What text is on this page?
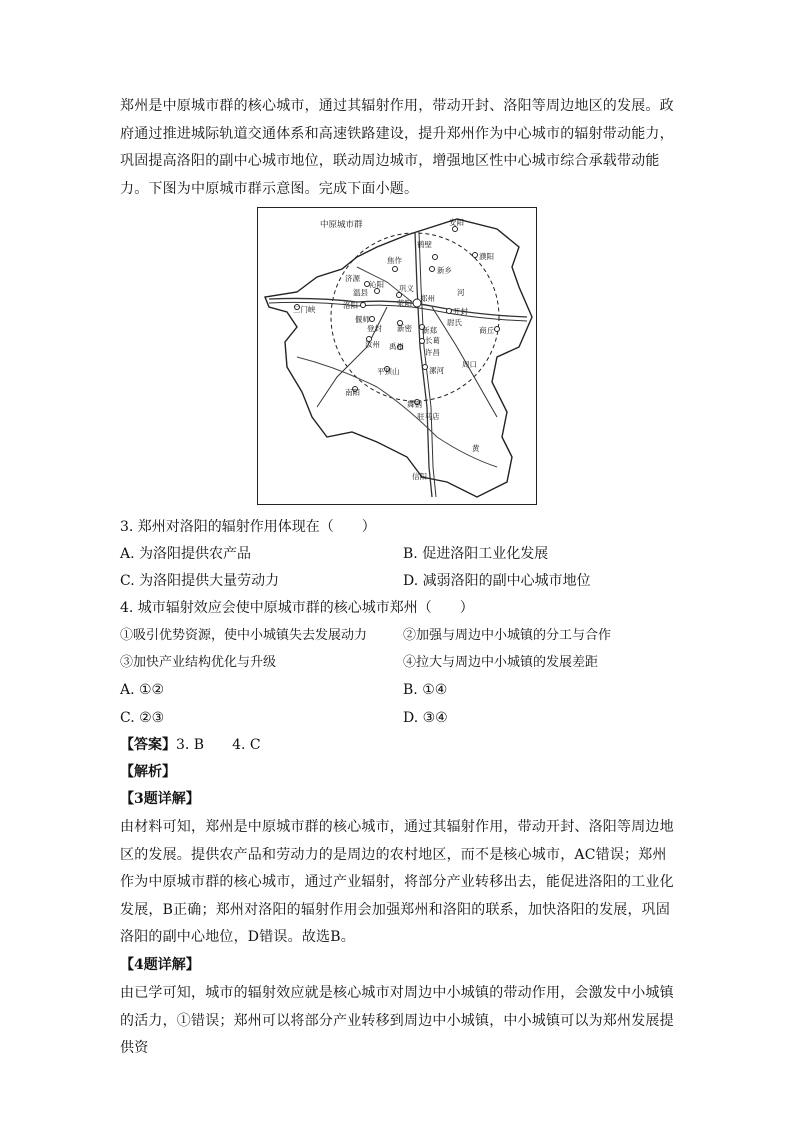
郑州是中原城市群的核心城市，通过其辐射作用，带动开封、洛阳等周边地区的发展。政府通过推进城际轨道交通体系和高速铁路建设，提升郑州作为中心城市的辐射带动能力，巩固提高洛阳的副中心城市地位，联动周边城市，增强地区性中心城市综合承载带动能力。下图为中原城市群示意图。完成下面小题。

中原城市群	安阳
濮阳
鹤壁
新乡
焦作
济源
温县	巩义
荥阳
沁阳
郑州
开封
洛阳
偃师
登封 新密 新郑
尉氏
长葛
许昌
汝州 禹州
平顶山	漯河
周口
舞钢
南阳
驻马店
信阳
三门峡
商丘
河
黄
3. 郑州对洛阳的辐射作用体现在（　　）
A. 为洛阳提供农产品	B. 促进洛阳工业化发展
C. 为洛阳提供大量劳动力	D. 减弱洛阳的副中心城市地位
4. 城市辐射效应会使中原城市群的核心城市郑州（　　）
①吸引优势资源，使中小城镇失去发展动力	②加强与周边中小城镇的分工与合作
③加快产业结构优化与升级	④拉大与周边中小城镇的发展差距
A. ①②	B. ①④
C. ②③	D. ③④
【答案】3. B　　4. C
【解析】
【3题详解】

由材料可知，郑州是中原城市群的核心城市，通过其辐射作用，带动开封、洛阳等周边地区的发展。提供农产品和劳动力的是周边的农村地区，而不是核心城市，AC错误；郑州作为中原城市群的核心城市，通过产业辐射，将部分产业转移出去，能促进洛阳的工业化发展，B正确；郑州对洛阳的辐射作用会加强郑州和洛阳的联系，加快洛阳的发展，巩固洛阳的副中心地位，D错误。故选B。

【4题详解】

由已学可知，城市的辐射效应就是核心城市对周边中小城镇的带动作用，会激发中小城镇的活力，①错误；郑州可以将部分产业转移到周边中小城镇，中小城镇可以为郑州发展提供资
